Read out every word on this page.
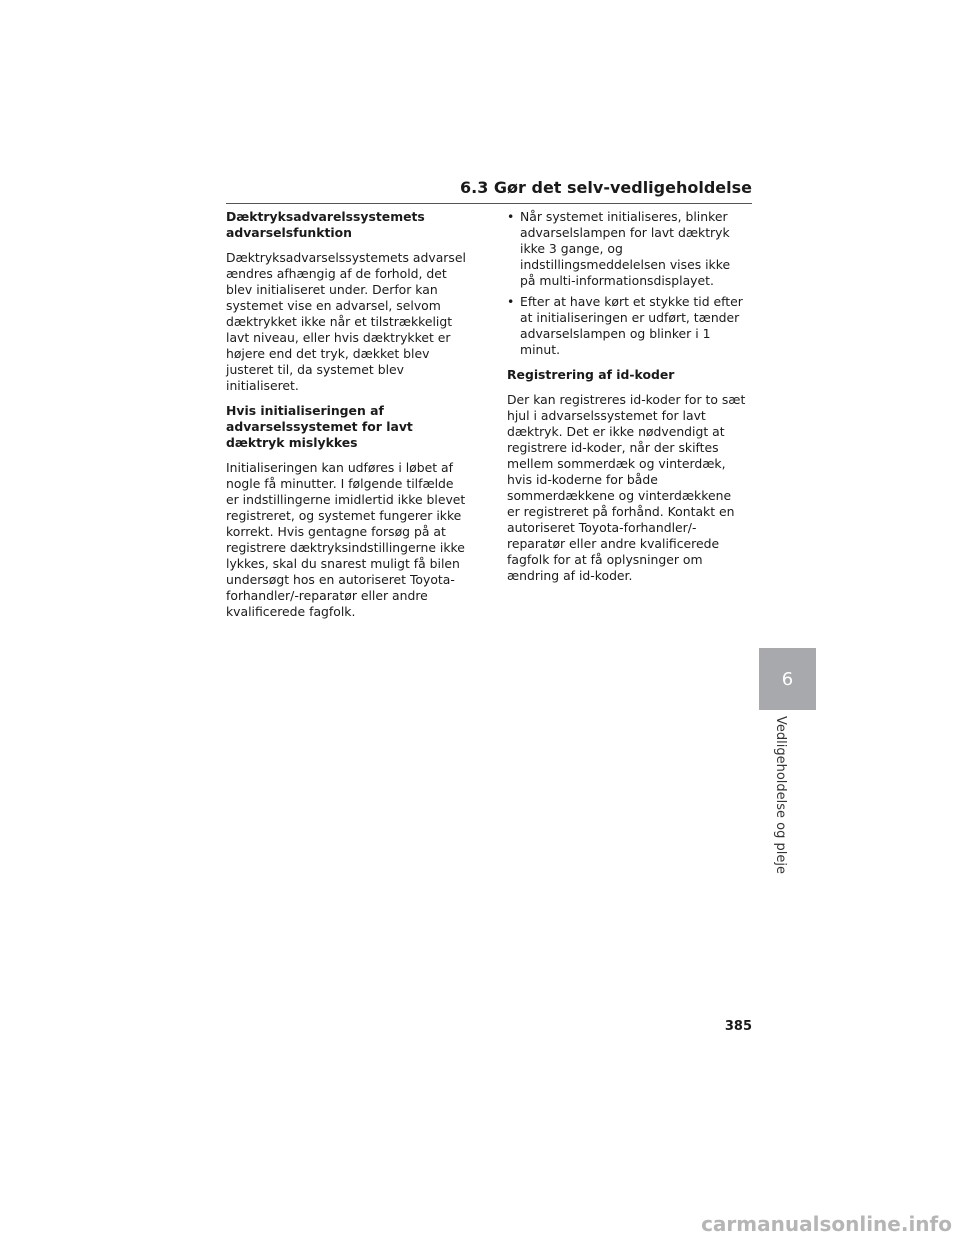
6.3 Gør det selv-vedligeholdelse
Dæktryksadvarelssystemets advarselsfunktion

Dæktryksadvarselssystemets advarsel ændres afhængig af de forhold, det blev initialiseret under. Derfor kan systemet vise en advarsel, selvom dæktrykket ikke når et tilstrækkeligt lavt niveau, eller hvis dæktrykket er højere end det tryk, dækket blev justeret til, da systemet blev initialiseret.

Hvis initialiseringen af advarselssystemet for lavt dæktryk mislykkes

Initialiseringen kan udføres i løbet af nogle få minutter. I følgende tilfælde er indstillingerne imidlertid ikke blevet registreret, og systemet fungerer ikke korrekt. Hvis gentagne forsøg på at registrere dæktryksindstillingerne ikke lykkes, skal du snarest muligt få bilen undersøgt hos en autoriseret Toyota-forhandler/-reparatør eller andre kvalificerede fagfolk.

• Når systemet initialiseres, blinker advarselslampen for lavt dæktryk ikke 3 gange, og indstillingsmeddelelsen vises ikke på multi-informationsdisplayet.
• Efter at have kørt et stykke tid efter at initialiseringen er udført, tænder advarselslampen og blinker i 1 minut.
Registrering af id-koder

Der kan registreres id-koder for to sæt hjul i advarselssystemet for lavt dæktryk. Det er ikke nødvendigt at registrere id-koder, når der skiftes mellem sommerdæk og vinterdæk, hvis id-koderne for både sommerdækkene og vinterdækkene er registreret på forhånd. Kontakt en autoriseret Toyota-forhandler/-reparatør eller andre kvalificerede fagfolk for at få oplysninger om ændring af id-koder.

6
Vedligeholdelse og pleje
385
carmanualsonline.info
